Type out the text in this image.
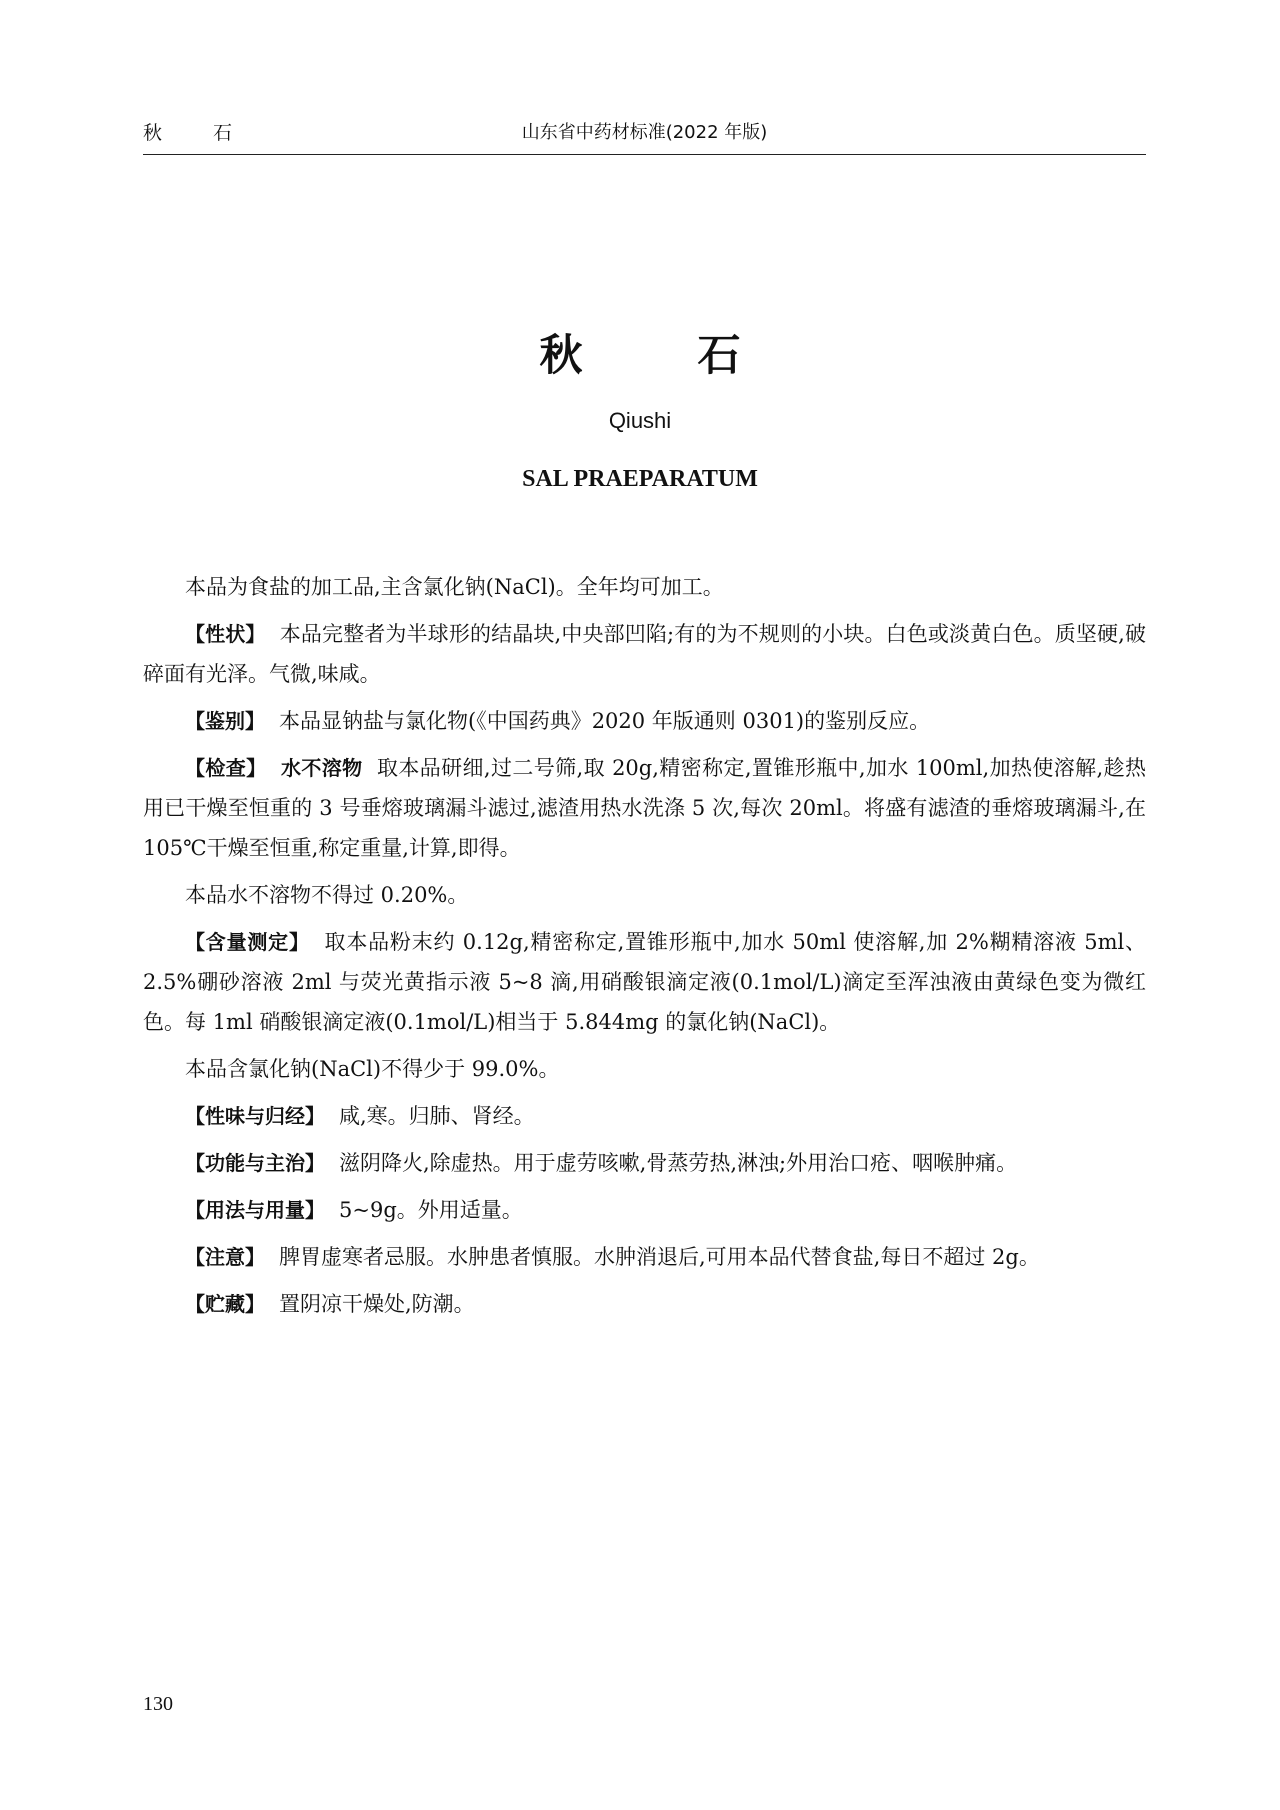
秋　石	山东省中药材标准(2022 年版)
秋　石
Qiushi
SAL PRAEPARATUM

本品为食盐的加工品,主含氯化钠(NaCl)。全年均可加工。

【性状】 本品完整者为半球形的结晶块,中央部凹陷;有的为不规则的小块。白色或淡黄白色。质坚硬,破碎面有光泽。气微,味咸。

【鉴别】 本品显钠盐与氯化物(《中国药典》2020 年版通则 0301)的鉴别反应。

【检查】 水不溶物 取本品研细,过二号筛,取 20g,精密称定,置锥形瓶中,加水 100ml,加热使溶解,趁热用已干燥至恒重的 3 号垂熔玻璃漏斗滤过,滤渣用热水洗涤 5 次,每次 20ml。将盛有滤渣的垂熔玻璃漏斗,在 105℃干燥至恒重,称定重量,计算,即得。

本品水不溶物不得过 0.20%。

【含量测定】 取本品粉末约 0.12g,精密称定,置锥形瓶中,加水 50ml 使溶解,加 2%糊精溶液 5ml、2.5%硼砂溶液 2ml 与荧光黄指示液 5~8 滴,用硝酸银滴定液(0.1mol/L)滴定至浑浊液由黄绿色变为微红色。每 1ml 硝酸银滴定液(0.1mol/L)相当于 5.844mg 的氯化钠(NaCl)。

本品含氯化钠(NaCl)不得少于 99.0%。

【性味与归经】 咸,寒。归肺、肾经。

【功能与主治】 滋阴降火,除虚热。用于虚劳咳嗽,骨蒸劳热,淋浊;外用治口疮、咽喉肿痛。

【用法与用量】 5~9g。外用适量。

【注意】 脾胃虚寒者忌服。水肿患者慎服。水肿消退后,可用本品代替食盐,每日不超过 2g。

【贮藏】 置阴凉干燥处,防潮。

130
